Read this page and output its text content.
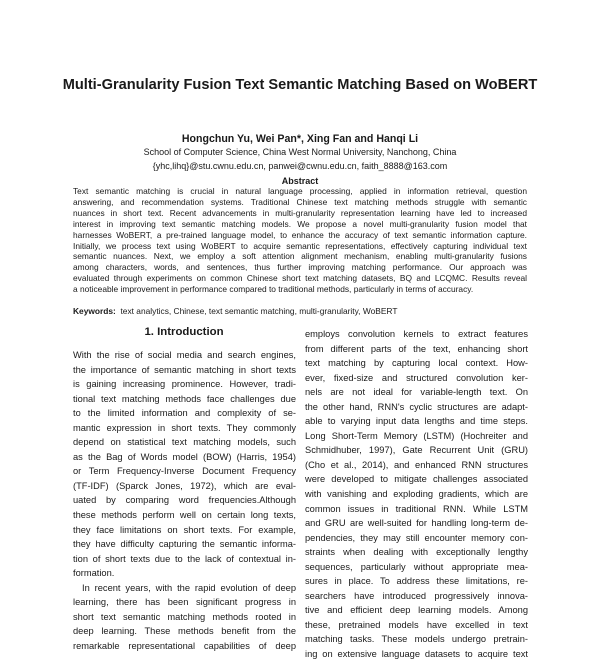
Multi-Granularity Fusion Text Semantic Matching Based on WoBERT
Hongchun Yu, Wei Pan*, Xing Fan and Hanqi Li
School of Computer Science, China West Normal University, Nanchong, China
{yhc,lihq}@stu.cwnu.edu.cn, panwei@cwnu.edu.cn, faith_8888@163.com
Abstract
Text semantic matching is crucial in natural language processing, applied in information retrieval, question
answering, and recommendation systems. Traditional Chinese text matching methods struggle with semantic
nuances in short text. Recent advancements in multi-granularity representation learning have led to increased
interest in improving text semantic matching models. We propose a novel multi-granularity fusion model that
harnesses WoBERT, a pre-trained language model, to enhance the accuracy of text semantic information capture.
Initially, we process text using WoBERT to acquire semantic representations, effectively capturing individual text
semantic nuances. Next, we employ a soft attention alignment mechanism, enabling multi-granularity fusions
among characters, words, and sentences, thus further improving matching performance. Our approach was
evaluated through experiments on common Chinese short text matching datasets, BQ and LCQMC. Results reveal
a noticeable improvement in performance compared to traditional methods, particularly in terms of accuracy.
Keywords: text analytics, Chinese, text semantic matching, multi-granularity, WoBERT
1. Introduction
With the rise of social media and search engines,
the importance of semantic matching in short texts
is gaining increasing prominence. However, tradi-
tional text matching methods face challenges due
to the limited information and complexity of se-
mantic expression in short texts. They commonly
depend on statistical text matching models, such
as the Bag of Words model (BOW) (Harris, 1954)
or Term Frequency-Inverse Document Frequency
(TF-IDF) (Sparck Jones, 1972), which are eval-
uated by comparing word frequencies.Although
these methods perform well on certain long texts,
they face limitations on short texts. For example,
they have difficulty capturing the semantic informa-
tion of short texts due to the lack of contextual in-
formation.
In recent years, with the rapid evolution of deep
learning, there has been significant progress in
short text semantic matching methods rooted in
deep learning. These methods benefit from the
remarkable representational capabilities of deep
employs convolution kernels to extract features
from different parts of the text, enhancing short
text matching by capturing local context. How-
ever, fixed-size and structured convolution ker-
nels are not ideal for variable-length text. On
the other hand, RNN's cyclic structures are adapt-
able to varying input data lengths and time steps.
Long Short-Term Memory (LSTM) (Hochreiter and
Schmidhuber, 1997), Gate Recurrent Unit (GRU)
(Cho et al., 2014), and enhanced RNN structures
were developed to mitigate challenges associated
with vanishing and exploding gradients, which are
common issues in traditional RNN. While LSTM
and GRU are well-suited for handling long-term de-
pendencies, they may still encounter memory con-
straints when dealing with exceptionally lengthy
sequences, particularly without appropriate mea-
sures in place. To address these limitations, re-
searchers have introduced progressively innova-
tive and efficient deep learning models. Among
these, pretrained models have excelled in text
matching tasks. These models undergo pretrain-
ing on extensive language datasets to acquire text
